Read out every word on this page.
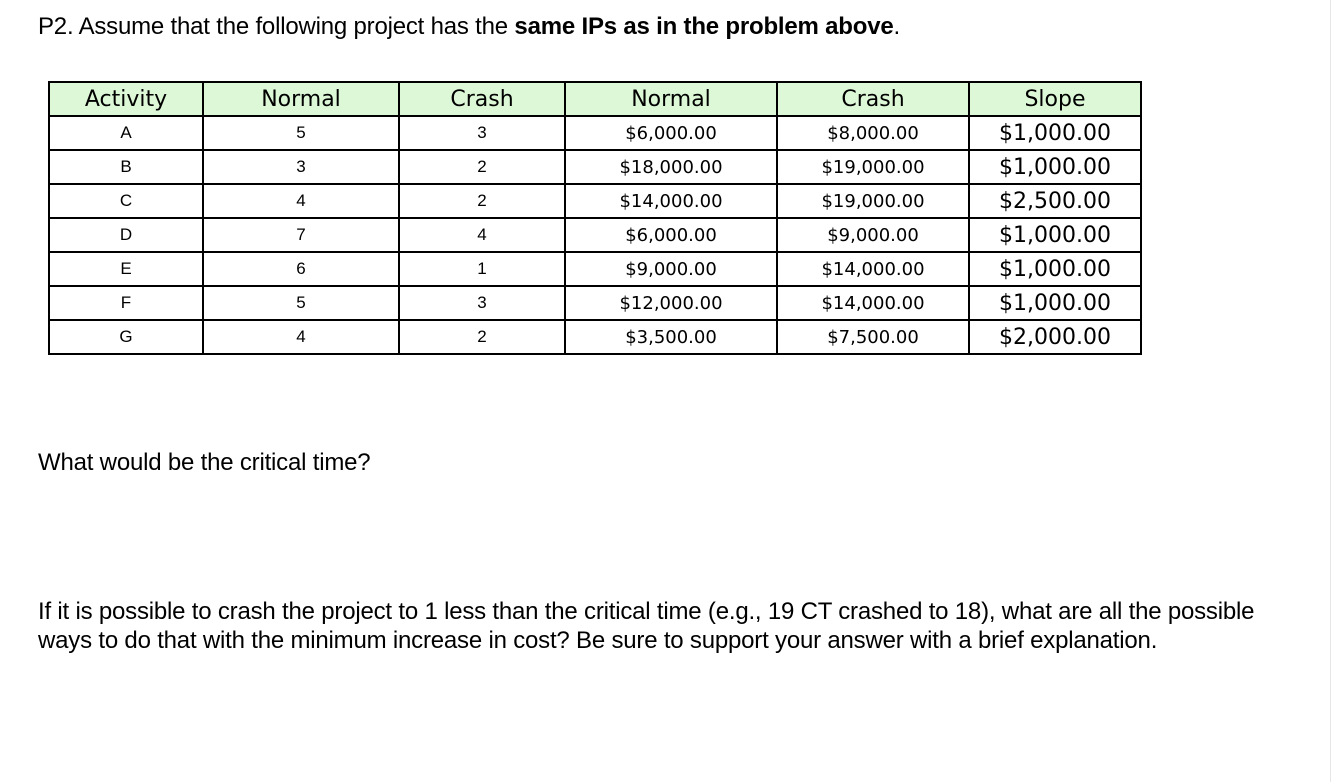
P2. Assume that the following project has the same IPs as in the problem above.
Activity	Normal	Crash	Normal	Crash	Slope
A	5	3	$6,000.00	$8,000.00	$1,000.00
B	3	2	$18,000.00	$19,000.00	$1,000.00
C	4	2	$14,000.00	$19,000.00	$2,500.00
D	7	4	$6,000.00	$9,000.00	$1,000.00
E	6	1	$9,000.00	$14,000.00	$1,000.00
F	5	3	$12,000.00	$14,000.00	$1,000.00
G	4	2	$3,500.00	$7,500.00	$2,000.00
What would be the critical time?
If it is possible to crash the project to 1 less than the critical time (e.g., 19 CT crashed to 18), what are all the possible ways to do that with the minimum increase in cost? Be sure to support your answer with a brief explanation.
